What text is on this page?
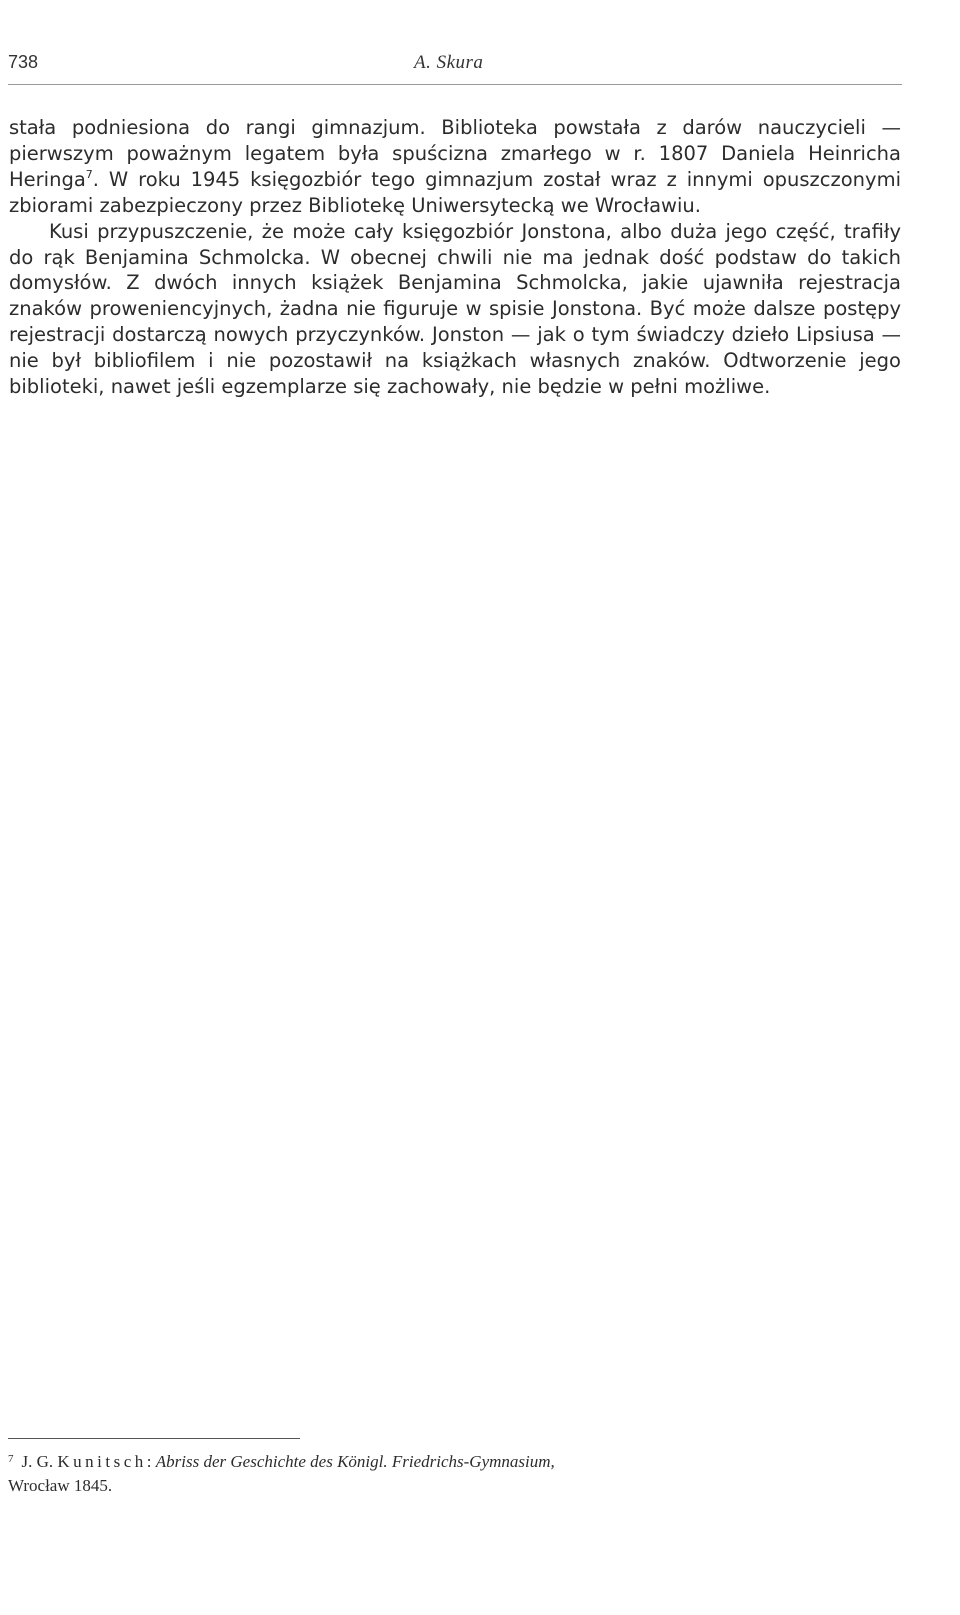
738	A. Skura

stała podniesiona do rangi gimnazjum. Biblioteka powstała z darów nauczycieli — pierwszym poważnym legatem była spuścizna zmarłego w r. 1807 Daniela Heinricha Heringa$^7$. W roku 1945 księgozbiór tego gimnazjum został wraz z innymi opuszczonymi zbiorami zabezpieczony przez Bibliotekę Uniwersytecką we Wrocławiu.

Kusi przypuszczenie, że może cały księgozbiór Jonstona, albo duża jego część, trafiły do rąk Benjamina Schmolcka. W obecnej chwili nie ma jednak dość podstaw do takich domysłów. Z dwóch innych książek Benjamina Schmolcka, jakie ujawniła rejestracja znaków proweniencyjnych, żadna nie figuruje w spisie Jonstona. Być może dalsze postępy rejestracji dostarczą nowych przyczynków. Jonston — jak o tym świadczy dzieło Lipsiusa — nie był bibliofilem i nie pozostawił na książkach własnych znaków. Odtworzenie jego biblioteki, nawet jeśli egzemplarze się zachowały, nie będzie w pełni możliwe.

$^7$ J. G. Kunitsch: Abriss der Geschichte des Königl. Friedrichs-Gymnasium,

Wrocław 1845.
